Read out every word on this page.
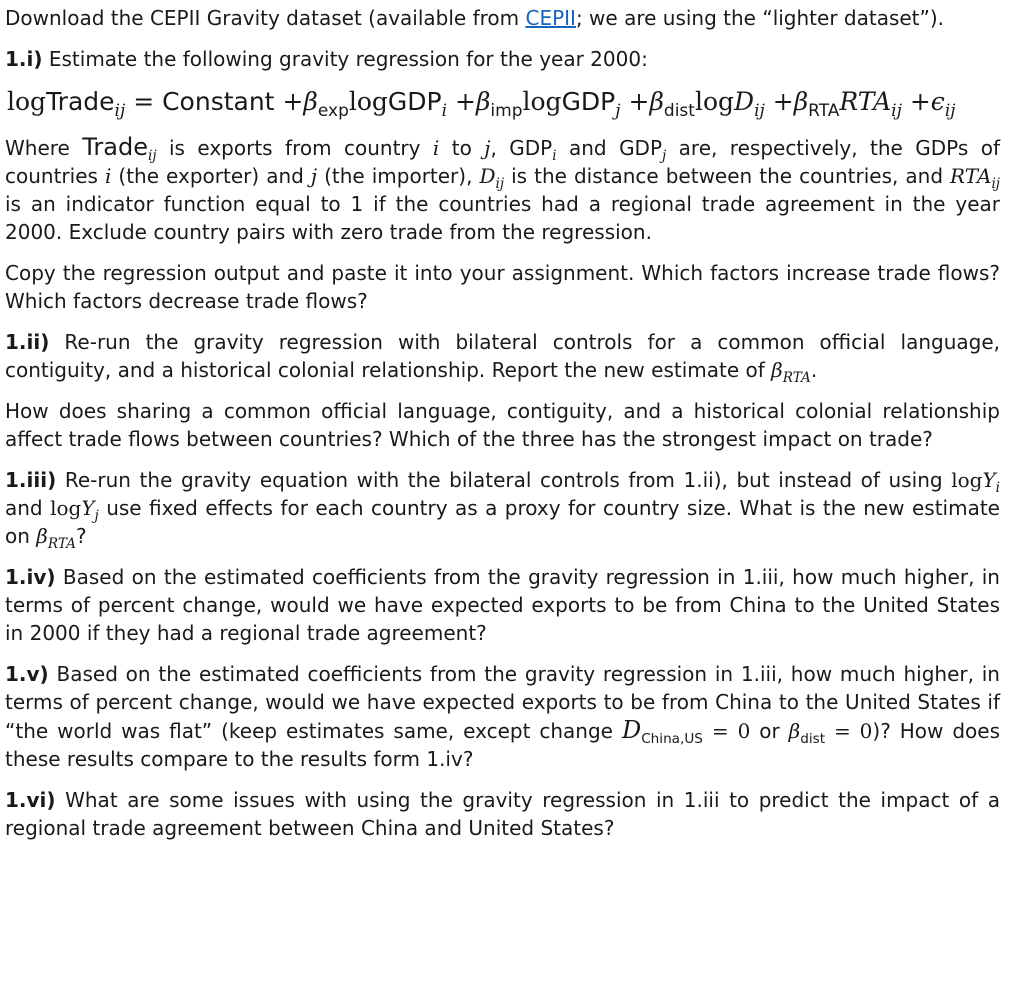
Download the CEPII Gravity dataset (available from CEPII; we are using the “lighter dataset”).

1.i) Estimate the following gravity regression for the year 2000:

logTrade$_{ij}$ = Constant $+\beta_{exp}logGDP_i$ $+\beta_{imp}logGDP_j +\beta_{dist}\log D_{ij} +\beta_{RTA}RTA_{ij} +\epsilon_{ij}$

Where Trade$_{ij}$ is exports from country i to j, $GDP_i$ and $GDP_j$ are, respectively, the GDPs of countries i (the exporter) and j (the importer), $D_{ij}$ is the distance between the countries, and $RTA_{ij}$ is an indicator function equal to 1 if the countries had a regional trade agreement in the year 2000. Exclude country pairs with zero trade from the regression.

Copy the regression output and paste it into your assignment. Which factors increase trade flows? Which factors decrease trade flows?

1.ii) Re-run the gravity regression with bilateral controls for a common official language, contiguity, and a historical colonial relationship. Report the new estimate of $\beta_{RTA}$.

How does sharing a common official language, contiguity, and a historical colonial relationship affect trade flows between countries? Which of the three has the strongest impact on trade?

1.iii) Re-run the gravity equation with the bilateral controls from 1.ii), but instead of using logY$_i$ and logY$_j$ use fixed effects for each country as a proxy for country size. What is the new estimate on $\beta_{RTA}$?

1.iv) Based on the estimated coefficients from the gravity regression in 1.iii, how much higher, in terms of percent change, would we have expected exports to be from China to the United States in 2000 if they had a regional trade agreement?

1.v) Based on the estimated coefficients from the gravity regression in 1.iii, how much higher, in terms of percent change, would we have expected exports to be from China to the United States if “the world was flat” (keep estimates same, except change $D_{China,US} = 0$ or $\beta_{dist} = 0$)? How does these results compare to the results form 1.iv?

1.vi) What are some issues with using the gravity regression in 1.iii to predict the impact of a regional trade agreement between China and United States?
